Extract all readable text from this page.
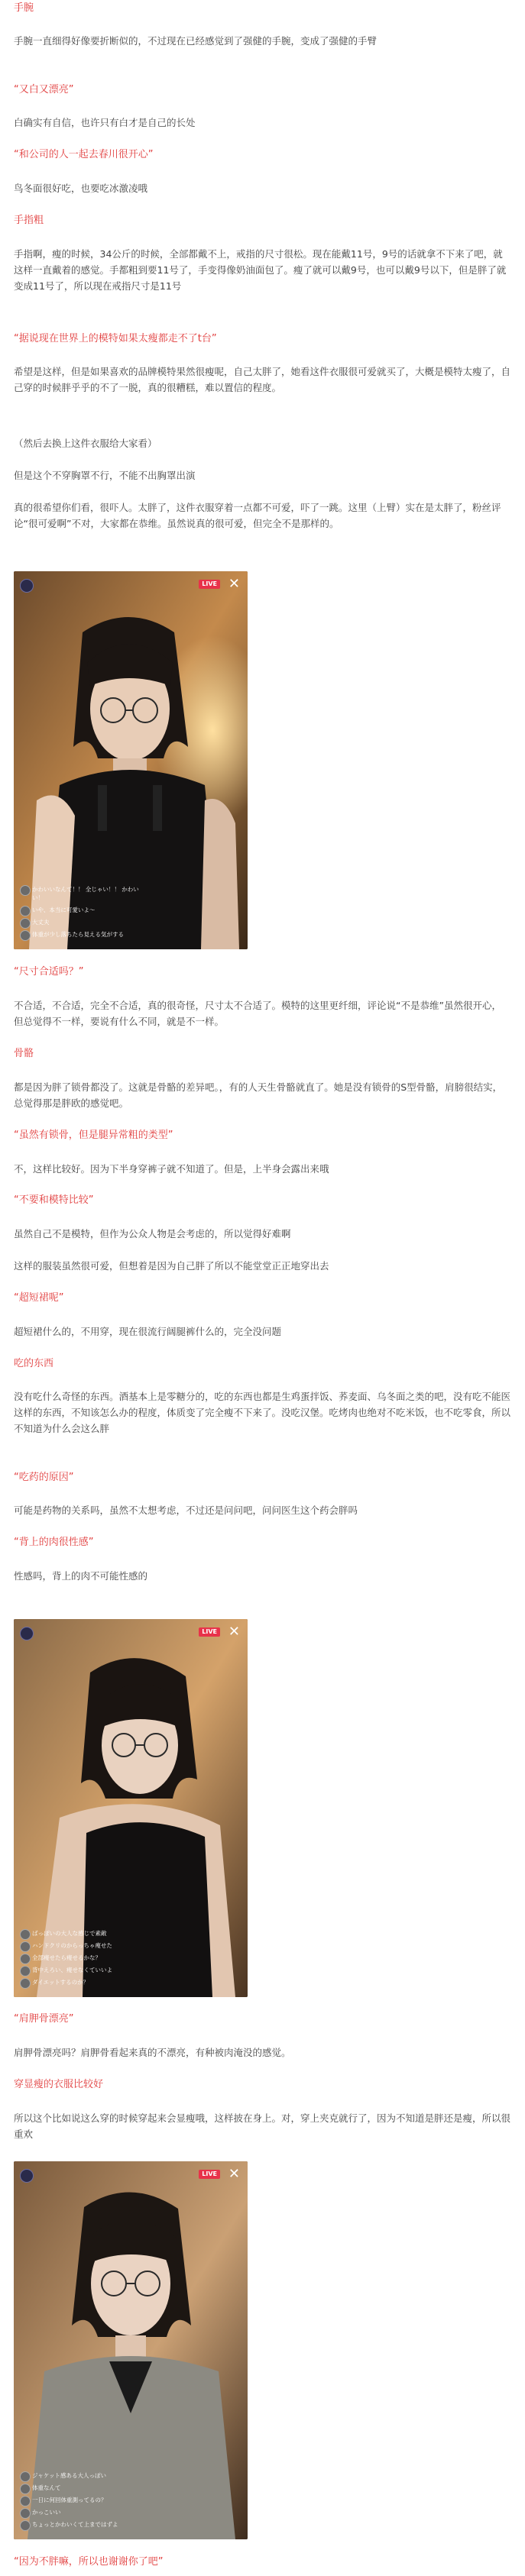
手腕
手腕一直细得好像要折断似的，不过现在已经感觉到了强健的手腕，变成了强健的手臂
“又白又漂亮”
白确实有自信，也许只有白才是自己的长处
“和公司的人一起去春川很开心”
鸟冬面很好吃，也要吃冰激凌哦
手指粗
手指啊，瘦的时候，34公斤的时候，全部都戴不上，戒指的尺寸很松。现在能戴11号，9号的话就拿不下来了吧，就这样一直戴着的感觉。手都粗到要11号了，手变得像奶油面包了。瘦了就可以戴9号，也可以戴9号以下，但是胖了就变成11号了，所以现在戒指尺寸是11号
“据说现在世界上的模特如果太瘦都走不了t台”
希望是这样，但是如果喜欢的品牌模特果然很瘦呢，自己太胖了，她看这件衣服很可爱就买了，大概是模特太瘦了，自己穿的时候胖乎乎的不了一脱，真的很糟糕，难以置信的程度。
（然后去换上这件衣服给大家看）
但是这个不穿胸罩不行，不能不出胸罩出演
真的很希望你们看，很吓人。太胖了，这件衣服穿着一点都不可爱，吓了一跳。这里（上臂）实在是太胖了，粉丝评论“很可爱啊”不对，大家都在恭维。虽然说真的很可爱，但完全不是那样的。
LIVE ✕
かわいいなんて！！ 全じゃい！！ かわいい！
いや、本当に可愛いよ〜
大丈夫
体重が少し落ちたら見える気がする
“尺寸合适吗？”
不合适，不合适，完全不合适，真的很奇怪，尺寸太不合适了。模特的这里更纤细，评论说“不是恭维”虽然很开心，但总觉得不一样，要说有什么不同，就是不一样。
骨骼
都是因为胖了锁骨都没了。这就是骨骼的差异吧。，有的人天生骨骼就直了。她是没有锁骨的S型骨骼，肩膀很结实，总觉得那是胖欧的感觉吧。
“虽然有锁骨，但是腿异常粗的类型”
不，这样比较好。因为下半身穿裤子就不知道了。但是，上半身会露出来哦
“不要和模特比较”
虽然自己不是模特，但作为公众人物是会考虑的，所以觉得好难啊
这样的服装虽然很可爱，但想着是因为自己胖了所以不能堂堂正正地穿出去
“超短裙呢”
超短裙什么的，不用穿，现在很流行阔腿裤什么的，完全没问题
吃的东西
没有吃什么奇怪的东西。酒基本上是零糖分的，吃的东西也都是生鸡蛋拌饭、荞麦面、乌冬面之类的吧，没有吃不能医这样的东西，不知该怎么办的程度，体质变了完全瘦不下来了。没吃汉堡。吃烤肉也绝对不吃米饭，也不吃零食，所以不知道为什么会这么胖
“吃药的原因”
可能是药物的关系吗，虽然不太想考虑，不过还是问问吧，问问医生这个药会胖吗
“背上的肉很性感”
性感吗，背上的肉不可能性感的
LIVE ✕
ばっぽいの大人な感じで素敵
ハンドクリのからっちゃ痩せた
全部痩せたら痩せるかな？
背中えろい、痩せなくていいよ
ダイエットするのか？
“肩胛骨漂亮”
肩胛骨漂亮吗？肩胛骨看起来真的不漂亮，有种被肉淹没的感觉。
穿显瘦的衣服比较好
所以这个比如说这么穿的时候穿起来会显瘦哦，这样披在身上。对，穿上夹克就行了，因为不知道是胖还是瘦，所以很重欢
LIVE ✕
ジャケット感ある大人っぽい
体重なんて
一日に何回体重測ってるの？
かっこいい
ちょっとかわいくて上まではずよ
“因为不胖嘛，所以也谢谢你了吧”
